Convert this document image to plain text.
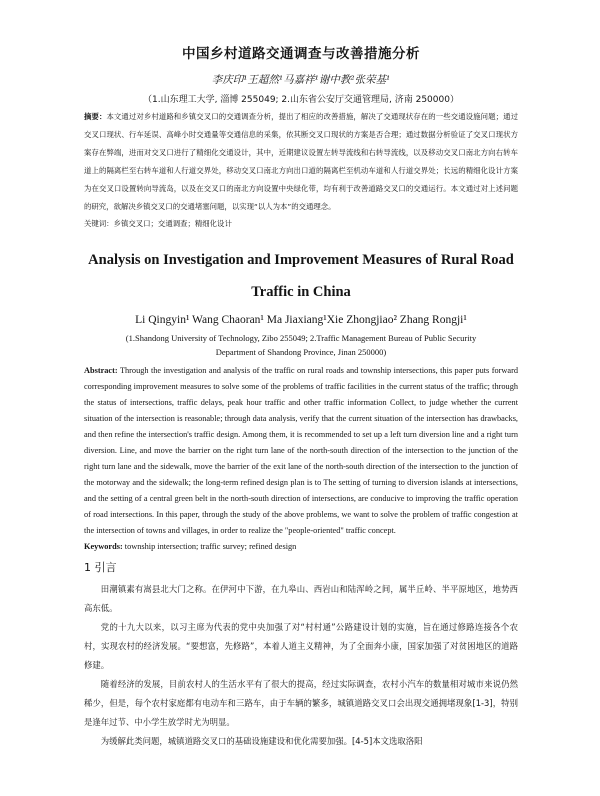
中国乡村道路交通调查与改善措施分析
李庆印¹王超然¹马嘉祥¹谢中教²张荣基¹
（1.山东理工大学, 淄博 255049; 2.山东省公安厅交通管理局, 济南 250000）

摘要：本文通过对乡村道路和乡镇交叉口的交通调查分析，提出了相应的改善措施，解决了交通现状存在的一些交通设施问题；通过交叉口现状、行车延误、高峰小时交通量等交通信息的采集，依其断交叉口现状的方案是否合理；通过数据分析验证了交叉口现状方案存在弊端，进而对交叉口进行了精细化交通设计，其中，近期建议设置左转导流线和右转导流线，以及移动交叉口南北方向右转车道上的隔离栏至右转车道和人行道交界处，移动交叉口南北方向出口道的隔离栏至机动车道和人行道交界处；长远的精细化设计方案为在交叉口设置转向导流岛，以及在交叉口的南北方向设置中央绿化带，均有利于改善道路交叉口的交通运行。本文通过对上述问题的研究，欲解决乡镇交叉口的交通堵塞问题，以实现“以人为本”的交通理念。

关键词：乡镇交叉口；交通调查；精细化设计

Analysis on Investigation and Improvement Measures of Rural Road Traffic in China
Li Qingyin¹ Wang Chaoran¹ Ma Jiaxiang¹Xie Zhongjiao² Zhang Rongji¹
(1.Shandong University of Technology, Zibo 255049; 2.Traffic Management Bureau of Public Security
Department of Shandong Province, Jinan 250000)

Abstract: Through the investigation and analysis of the traffic on rural roads and township intersections, this paper puts forward corresponding improvement measures to solve some of the problems of traffic facilities in the current status of the traffic; through the status of intersections, traffic delays, peak hour traffic and other traffic information Collect, to judge whether the current situation of the intersection is reasonable; through data analysis, verify that the current situation of the intersection has drawbacks, and then refine the intersection's traffic design. Among them, it is recommended to set up a left turn diversion line and a right turn diversion. Line, and move the barrier on the right turn lane of the north-south direction of the intersection to the junction of the right turn lane and the sidewalk, move the barrier of the exit lane of the north-south direction of the intersection to the junction of the motorway and the sidewalk; the long-term refined design plan is to The setting of turning to diversion islands at intersections, and the setting of a central green belt in the north-south direction of intersections, are conducive to improving the traffic operation of road intersections. In this paper, through the study of the above problems, we want to solve the problem of traffic congestion at the intersection of towns and villages, in order to realize the "people-oriented" traffic concept.

Keywords: township intersection; traffic survey; refined design

1 引言

田潮镇素有嵩县北大门之称。在伊河中下游，在九皋山、西岩山和陆浑岭之间，属半丘岭、半平原地区，地势西高东低。

党的十九大以来，以习主席为代表的党中央加强了对“村村通”公路建设计划的实施，旨在通过修路连接各个农村，实现农村的经济发展。“要想富，先修路”，本着人道主义精神，为了全面奔小康，国家加强了对贫困地区的道路修建。

随着经济的发展，目前农村人的生活水平有了很大的提高，经过实际调查，农村小汽车的数量相对城市来说仍然稀少，但是，每个农村家庭都有电动车和三路车，由于车辆的繁多，城镇道路交叉口会出现交通拥堵现象[1-3]，特别是逢年过节、中小学生放学时尤为明显。

为缓解此类问题，城镇道路交叉口的基础设施建设和优化需要加强。[4-5]本文选取洛阳
